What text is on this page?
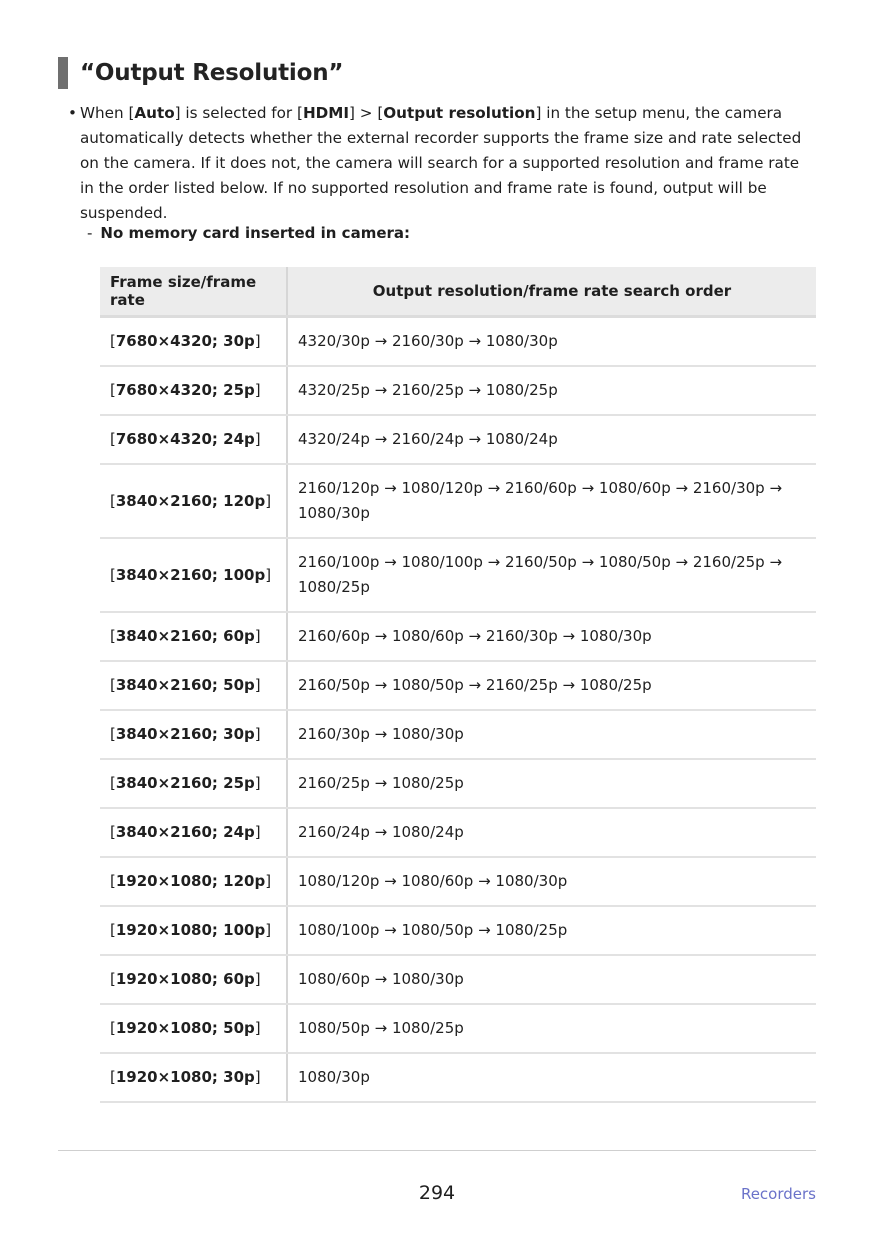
“Output Resolution”
• When [Auto] is selected for [HDMI] > [Output resolution] in the setup menu, the camera automatically detects whether the external recorder supports the frame size and rate selected on the camera. If it does not, the camera will search for a supported resolution and frame rate in the order listed below. If no supported resolution and frame rate is found, output will be suspended.
- No memory card inserted in camera:
Frame size/frame rate	Output resolution/frame rate search order
[7680×4320; 30p]	4320/30p → 2160/30p → 1080/30p
[7680×4320; 25p]	4320/25p → 2160/25p → 1080/25p
[7680×4320; 24p]	4320/24p → 2160/24p → 1080/24p
[3840×2160; 120p]	2160/120p → 1080/120p → 2160/60p → 1080/60p → 2160/30p → 1080/30p
[3840×2160; 100p]	2160/100p → 1080/100p → 2160/50p → 1080/50p → 2160/25p → 1080/25p
[3840×2160; 60p]	2160/60p → 1080/60p → 2160/30p → 1080/30p
[3840×2160; 50p]	2160/50p → 1080/50p → 2160/25p → 1080/25p
[3840×2160; 30p]	2160/30p → 1080/30p
[3840×2160; 25p]	2160/25p → 1080/25p
[3840×2160; 24p]	2160/24p → 1080/24p
[1920×1080; 120p]	1080/120p → 1080/60p → 1080/30p
[1920×1080; 100p]	1080/100p → 1080/50p → 1080/25p
[1920×1080; 60p]	1080/60p → 1080/30p
[1920×1080; 50p]	1080/50p → 1080/25p
[1920×1080; 30p]	1080/30p
294	Recorders
